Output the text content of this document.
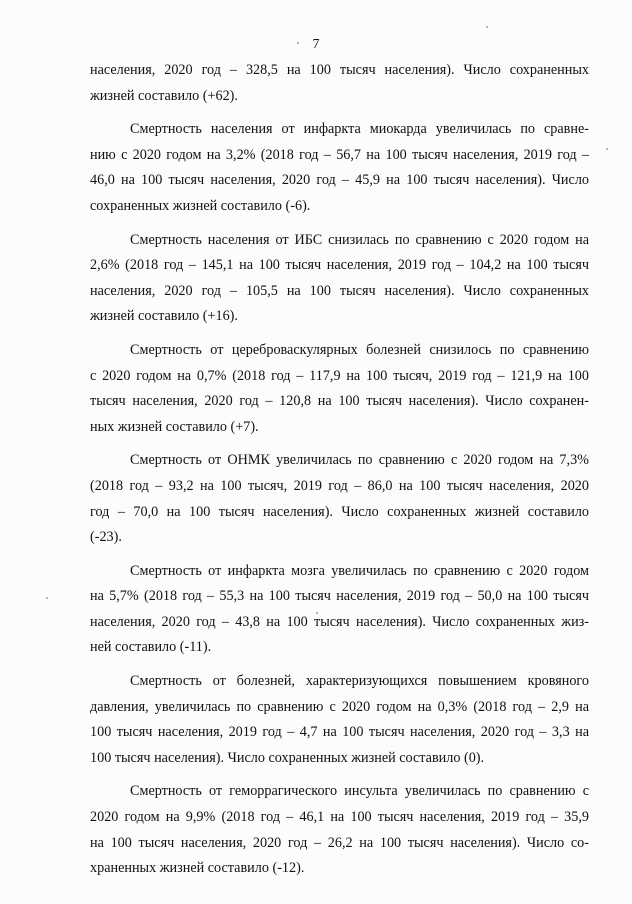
7
населения, 2020 год – 328,5 на 100 тысяч населения). Число сохраненных
жизней составило (+62).
Смертность населения от инфаркта миокарда увеличилась по сравне-
нию с 2020 годом на 3,2% (2018 год – 56,7 на 100 тысяч населения, 2019 год –
46,0 на 100 тысяч населения, 2020 год – 45,9 на 100 тысяч населения). Число
сохраненных жизней составило (-6).
Смертность населения от ИБС снизилась по сравнению с 2020 годом на
2,6% (2018 год – 145,1 на 100 тысяч населения, 2019 год – 104,2 на 100 тысяч
населения, 2020 год – 105,5 на 100 тысяч населения). Число сохраненных
жизней составило (+16).
Смертность от цереброваскулярных болезней снизилось по сравнению
с 2020 годом на 0,7% (2018 год – 117,9 на 100 тысяч, 2019 год – 121,9 на 100
тысяч населения, 2020 год – 120,8 на 100 тысяч населения). Число сохранен-
ных жизней составило (+7).
Смертность от ОНМК увеличилась по сравнению с 2020 годом на 7,3%
(2018 год – 93,2 на 100 тысяч, 2019 год – 86,0 на 100 тысяч населения, 2020
год – 70,0 на 100 тысяч населения). Число сохраненных жизней составило
(-23).
Смертность от инфаркта мозга увеличилась по сравнению с 2020 годом
на 5,7% (2018 год – 55,3 на 100 тысяч населения, 2019 год – 50,0 на 100 тысяч
населения, 2020 год – 43,8 на 100 тысяч населения). Число сохраненных жиз-
ней составило (-11).
Смертность от болезней, характеризующихся повышением кровяного
давления, увеличилась по сравнению с 2020 годом на 0,3% (2018 год – 2,9 на
100 тысяч населения, 2019 год – 4,7 на 100 тысяч населения, 2020 год – 3,3 на
100 тысяч населения). Число сохраненных жизней составило (0).
Смертность от геморрагического инсульта увеличилась по сравнению с
2020 годом на 9,9% (2018 год – 46,1 на 100 тысяч населения, 2019 год – 35,9
на 100 тысяч населения, 2020 год – 26,2 на 100 тысяч населения). Число со-
храненных жизней составило (-12).
